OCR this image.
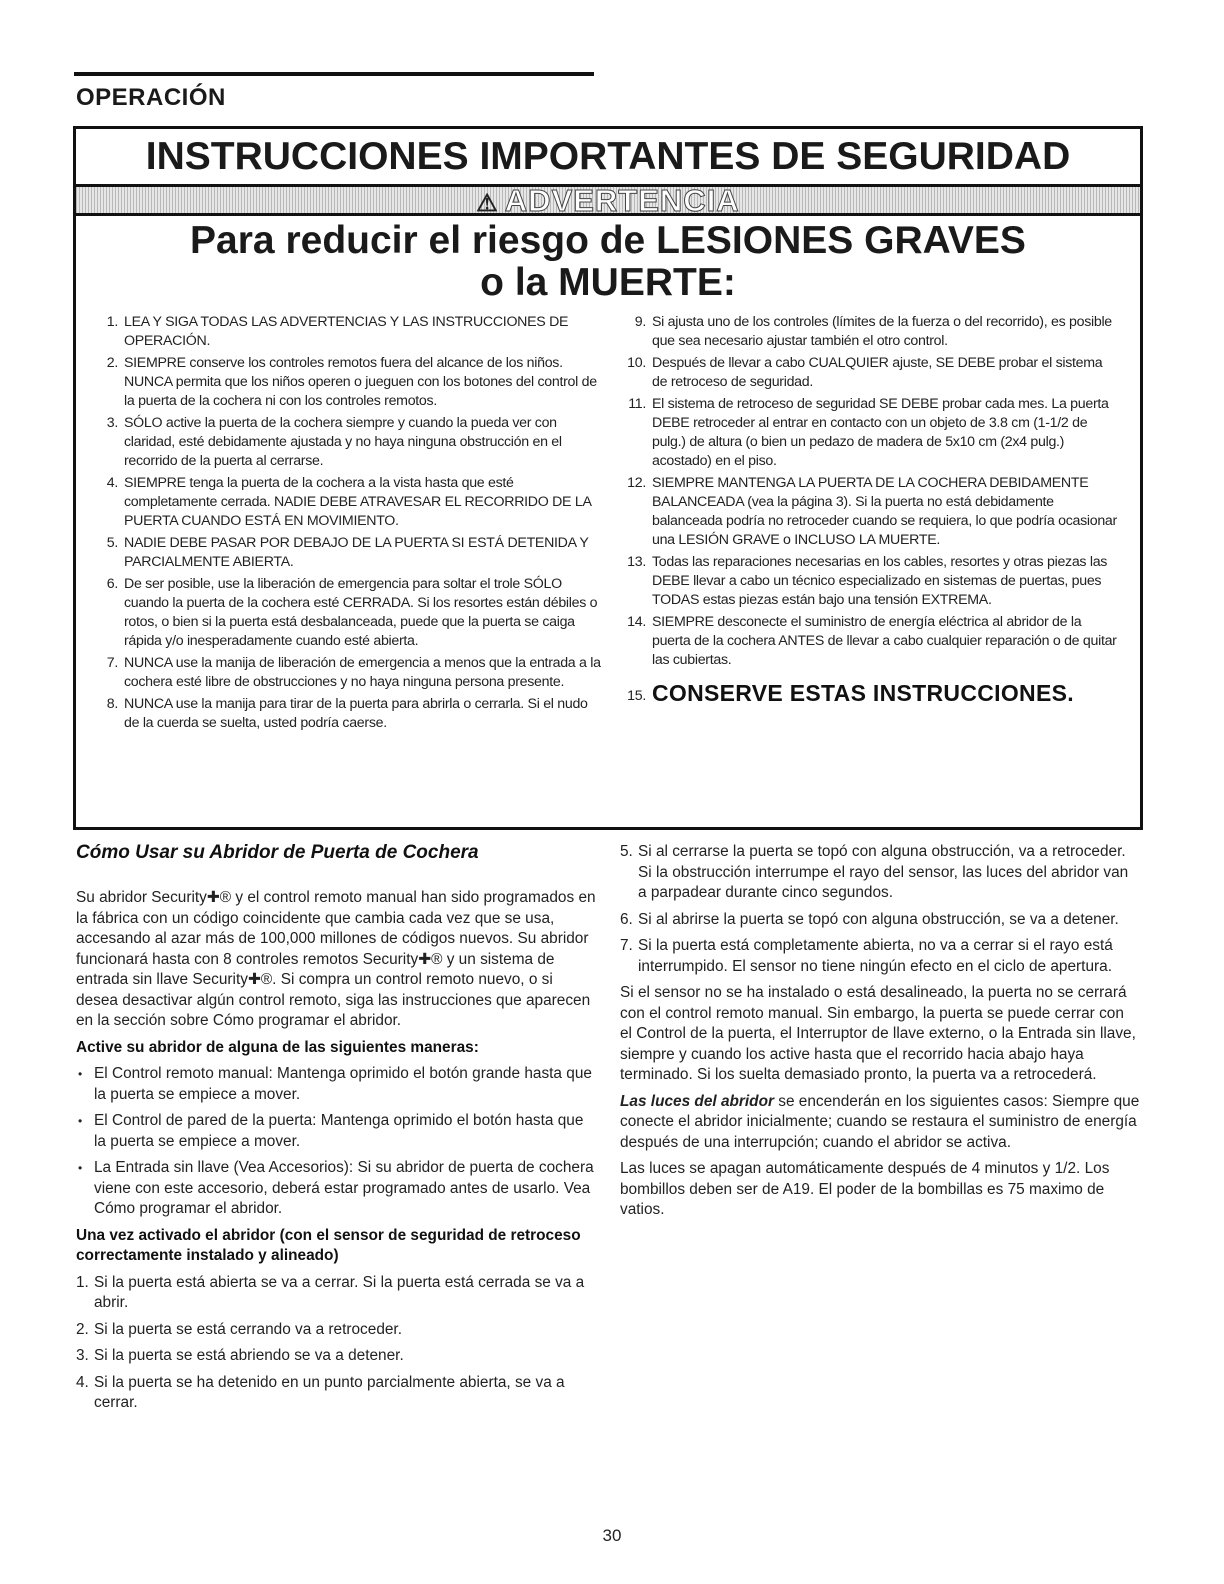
OPERACIÓN
INSTRUCCIONES IMPORTANTES DE SEGURIDAD
⚠ ADVERTENCIA
Para reducir el riesgo de LESIONES GRAVES
o la MUERTE:
1. LEA Y SIGA TODAS LAS ADVERTENCIAS Y LAS INSTRUCCIONES DE OPERACIÓN.
2. SIEMPRE conserve los controles remotos fuera del alcance de los niños. NUNCA permita que los niños operen o jueguen con los botones del control de la puerta de la cochera ni con los controles remotos.
3. SÓLO active la puerta de la cochera siempre y cuando la pueda ver con claridad, esté debidamente ajustada y no haya ninguna obstrucción en el recorrido de la puerta al cerrarse.
4. SIEMPRE tenga la puerta de la cochera a la vista hasta que esté completamente cerrada. NADIE DEBE ATRAVESAR EL RECORRIDO DE LA PUERTA CUANDO ESTÁ EN MOVIMIENTO.
5. NADIE DEBE PASAR POR DEBAJO DE LA PUERTA SI ESTÁ DETENIDA Y PARCIALMENTE ABIERTA.
6. De ser posible, use la liberación de emergencia para soltar el trole SÓLO cuando la puerta de la cochera esté CERRADA. Si los resortes están débiles o rotos, o bien si la puerta está desbalanceada, puede que la puerta se caiga rápida y/o inesperadamente cuando esté abierta.
7. NUNCA use la manija de liberación de emergencia a menos que la entrada a la cochera esté libre de obstrucciones y no haya ninguna persona presente.
8. NUNCA use la manija para tirar de la puerta para abrirla o cerrarla. Si el nudo de la cuerda se suelta, usted podría caerse.
9. Si ajusta uno de los controles (límites de la fuerza o del recorrido), es posible que sea necesario ajustar también el otro control.
10. Después de llevar a cabo CUALQUIER ajuste, SE DEBE probar el sistema de retroceso de seguridad.
11. El sistema de retroceso de seguridad SE DEBE probar cada mes. La puerta DEBE retroceder al entrar en contacto con un objeto de 3.8 cm (1-1/2 de pulg.) de altura (o bien un pedazo de madera de 5x10 cm (2x4 pulg.) acostado) en el piso.
12. SIEMPRE MANTENGA LA PUERTA DE LA COCHERA DEBIDAMENTE BALANCEADA (vea la página 3). Si la puerta no está debidamente balanceada podría no retroceder cuando se requiera, lo que podría ocasionar una LESIÓN GRAVE o INCLUSO LA MUERTE.
13. Todas las reparaciones necesarias en los cables, resortes y otras piezas las DEBE llevar a cabo un técnico especializado en sistemas de puertas, pues TODAS estas piezas están bajo una tensión EXTREMA.
14. SIEMPRE desconecte el suministro de energía eléctrica al abridor de la puerta de la cochera ANTES de llevar a cabo cualquier reparación o de quitar las cubiertas.
15. CONSERVE ESTAS INSTRUCCIONES.
Cómo Usar su Abridor de Puerta de Cochera
Su abridor Security✚® y el control remoto manual han sido programados en la fábrica con un código coincidente que cambia cada vez que se usa, accesando al azar más de 100,000 millones de códigos nuevos. Su abridor funcionará hasta con 8 controles remotos Security✚® y un sistema de entrada sin llave Security✚®. Si compra un control remoto nuevo, o si desea desactivar algún control remoto, siga las instrucciones que aparecen en la sección sobre Cómo programar el abridor.
Active su abridor de alguna de las siguientes maneras:
• El Control remoto manual: Mantenga oprimido el botón grande hasta que la puerta se empiece a mover.
• El Control de pared de la puerta: Mantenga oprimido el botón hasta que la puerta se empiece a mover.
• La Entrada sin llave (Vea Accesorios): Si su abridor de puerta de cochera viene con este accesorio, deberá estar programado antes de usarlo. Vea Cómo programar el abridor.
Una vez activado el abridor (con el sensor de seguridad de retroceso correctamente instalado y alineado)
1. Si la puerta está abierta se va a cerrar. Si la puerta está cerrada se va a abrir.
2. Si la puerta se está cerrando va a retroceder.
3. Si la puerta se está abriendo se va a detener.
4. Si la puerta se ha detenido en un punto parcialmente abierta, se va a cerrar.
5. Si al cerrarse la puerta se topó con alguna obstrucción, va a retroceder. Si la obstrucción interrumpe el rayo del sensor, las luces del abridor van a parpadear durante cinco segundos.
6. Si al abrirse la puerta se topó con alguna obstrucción, se va a detener.
7. Si la puerta está completamente abierta, no va a cerrar si el rayo está interrumpido. El sensor no tiene ningún efecto en el ciclo de apertura.
Si el sensor no se ha instalado o está desalineado, la puerta no se cerrará con el control remoto manual. Sin embargo, la puerta se puede cerrar con el Control de la puerta, el Interruptor de llave externo, o la Entrada sin llave, siempre y cuando los active hasta que el recorrido hacia abajo haya terminado. Si los suelta demasiado pronto, la puerta va a retrocederá.
Las luces del abridor se encenderán en los siguientes casos: Siempre que conecte el abridor inicialmente; cuando se restaura el suministro de energía después de una interrupción; cuando el abridor se activa.
Las luces se apagan automáticamente después de 4 minutos y 1/2. Los bombillos deben ser de A19. El poder de la bombillas es 75 maximo de vatios.
30
